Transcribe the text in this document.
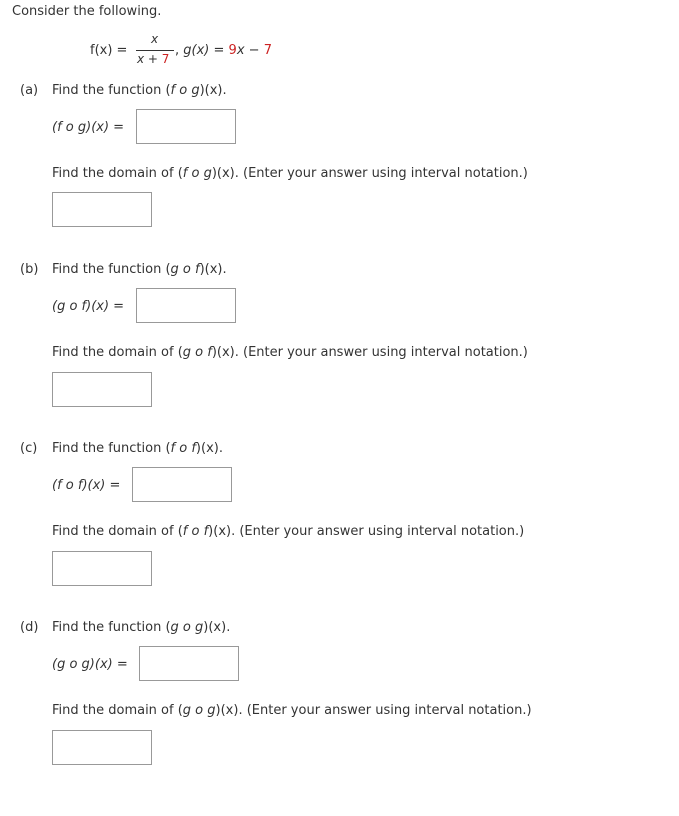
Consider the following.
f(x) =
x
x + 7
, g(x) = 9x − 7
(a) Find the function (f o g)(x).
(f o g)(x) =
Find the domain of (f o g)(x). (Enter your answer using interval notation.)
(b) Find the function (g o f)(x).
(g o f)(x) =
Find the domain of (g o f)(x). (Enter your answer using interval notation.)
(c) Find the function (f o f)(x).
(f o f)(x) =
Find the domain of (f o f)(x). (Enter your answer using interval notation.)
(d) Find the function (g o g)(x).
(g o g)(x) =
Find the domain of (g o g)(x). (Enter your answer using interval notation.)
